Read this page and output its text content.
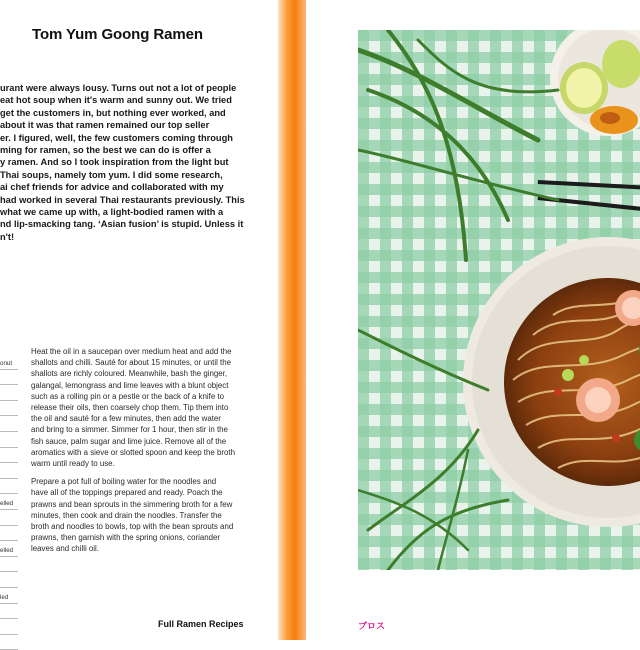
Tom Yum Goong Ramen
urant were always lousy. Turns out not a lot of people
eat hot soup when it's warm and sunny out. We tried
get the customers in, but nothing ever worked, and
about it was that ramen remained our top seller
er. I figured, well, the few customers coming through
ming for ramen, so the best we can do is offer a
y ramen. And so I took inspiration from the light but
Thai soups, namely tom yum. I did some research,
ai chef friends for advice and collaborated with my
had worked in several Thai restaurants previously. This
what we came up with, a light-bodied ramen with a
nd lip-smacking tang. ‘Asian fusion’ is stupid. Unless it
n't!
onut
elled
elled
led

Heat the oil in a saucepan over medium heat and add the
shallots and chilli. Sauté for about 15 minutes, or until the
shallots are richly coloured. Meanwhile, bash the ginger,
galangal, lemongrass and lime leaves with a blunt object
such as a rolling pin or a pestle or the back of a knife to
release their oils, then coarsely chop them. Tip them into
the oil and sauté for a few minutes, then add the water
and bring to a simmer. Simmer for 1 hour, then stir in the
fish sauce, palm sugar and lime juice. Remove all of the
aromatics with a sieve or slotted spoon and keep the broth
warm until ready to use.

Prepare a pot full of boiling water for the noodles and
have all of the toppings prepared and ready. Poach the
prawns and bean sprouts in the simmering broth for a few
minutes, then cook and drain the noodles. Transfer the
broth and noodles to bowls, top with the bean sprouts and
prawns, then garnish with the spring onions, coriander
leaves and chilli oil.

Full Ramen Recipes	ブロス
